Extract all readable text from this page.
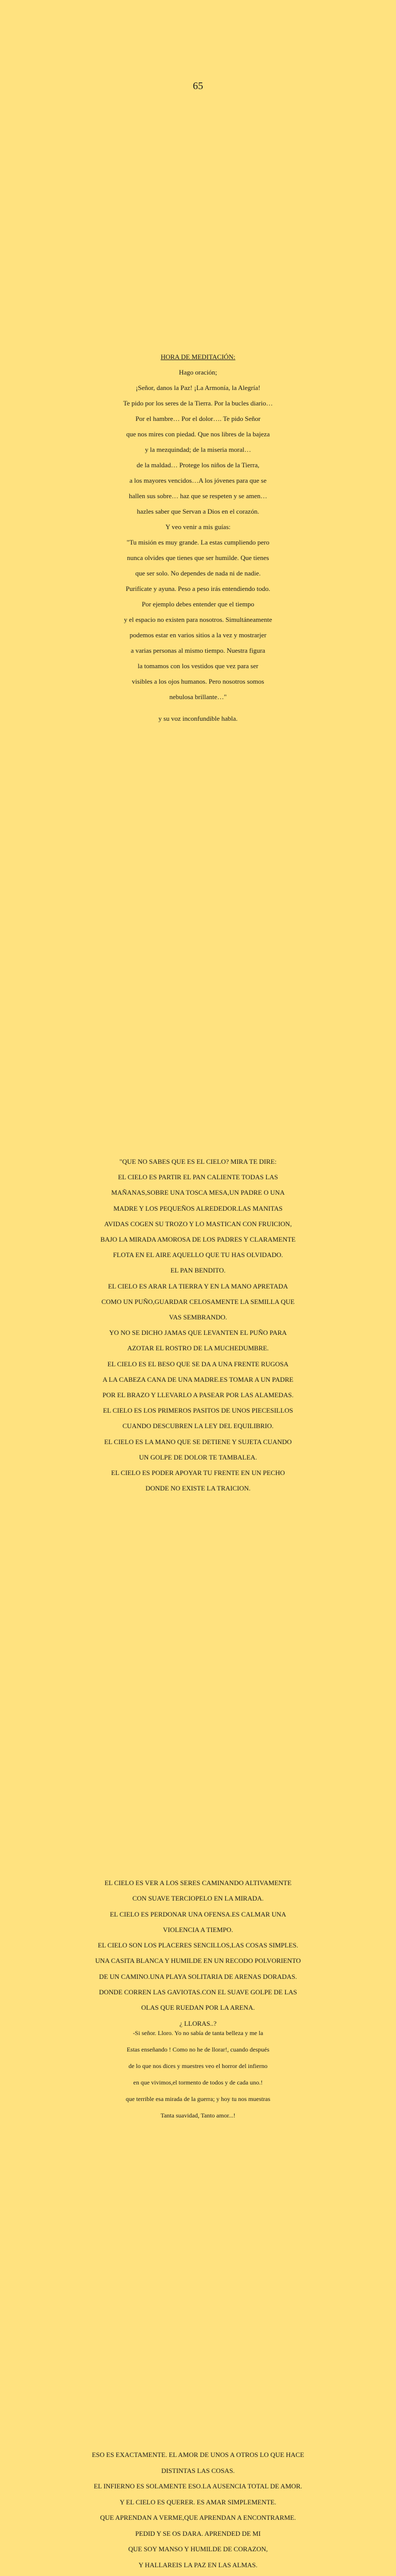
65

HORA DE MEDITACIÓN:

Hago oración;

¡Señor, danos la Paz! ¡La Armonía, la Alegría!

Te pido por los seres de la Tierra. Por la bucles diario…

Por el hambre… Por el dolor…. Te pido Señor

que nos mires con piedad. Que nos libres de la bajeza

y la mezquindad; de la miseria moral…

de la maldad… Protege los niños de la Tierra,

a los mayores vencidos…A los jóvenes para que se

hallen sus sobre… haz que se respeten y se amen…

hazles saber que Servan a Dios en el corazón.

Y veo venir a mis guías:

"Tu misión es muy grande. La estas cumpliendo pero

nunca olvides que tienes que ser humilde. Que tienes

que ser solo. No dependes de nada ni de nadie.

Purifícate y ayuna. Peso a peso irás entendiendo todo.

Por ejemplo debes entender que el tiempo

y el espacio no existen para nosotros. Simultáneamente

podemos estar en varios sitios a la vez y mostrarjer

a varias personas al mismo tiempo. Nuestra figura

la tomamos con los vestidos que vez para ser

visibles a los ojos humanos. Pero nosotros somos

nebulosa brillante…"

y su voz inconfundible habla.

"QUE NO SABES QUE ES EL CIELO? MIRA TE DIRE:

EL CIELO ES PARTIR EL PAN CALIENTE TODAS LAS

MAÑANAS,SOBRE UNA TOSCA MESA,UN PADRE O UNA

MADRE Y LOS PEQUEÑOS ALREDEDOR.LAS MANITAS

AVIDAS COGEN SU TROZO Y LO MASTICAN CON FRUICION,

BAJO LA MIRADA AMOROSA DE LOS PADRES Y CLARAMENTE

FLOTA EN EL AIRE AQUELLO QUE TU HAS OLVIDADO.

EL PAN BENDITO.

EL CIELO ES ARAR LA TIERRA Y EN LA MANO APRETADA

COMO UN PUÑO,GUARDAR CELOSAMENTE LA SEMILLA QUE

VAS SEMBRANDO.

YO NO SE DICHO JAMAS QUE LEVANTEN EL PUÑO PARA

AZOTAR EL ROSTRO DE LA MUCHEDUMBRE.

EL CIELO ES EL BESO QUE SE DA A UNA FRENTE RUGOSA

A LA CABEZA CANA DE UNA MADRE.ES TOMAR A UN PADRE

POR EL BRAZO Y LLEVARLO A PASEAR POR LAS ALAMEDAS.

EL CIELO ES LOS PRIMEROS PASITOS DE UNOS PIECESILLOS

CUANDO DESCUBREN LA LEY DEL EQUILIBRIO.

EL CIELO ES LA MANO QUE SE DETIENE Y SUJETA CUANDO

UN GOLPE DE DOLOR TE TAMBALEA.

EL CIELO ES PODER APOYAR TU FRENTE EN UN PECHO

DONDE NO EXISTE LA TRAICION.

EL CIELO ES VER A LOS SERES CAMINANDO ALTIVAMENTE

CON SUAVE TERCIOPELO EN LA MIRADA.

EL CIELO ES PERDONAR UNA OFENSA.ES CALMAR UNA

VIOLENCIA A TIEMPO.

EL CIELO SON LOS PLACERES SENCILLOS,LAS COSAS SIMPLES.

UNA CASITA BLANCA Y HUMILDE EN UN RECODO POLVORIENTO

DE UN CAMINO.UNA PLAYA SOLITARIA DE ARENAS DORADAS.

DONDE CORREN LAS GAVIOTAS.CON EL SUAVE GOLPE DE LAS

OLAS QUE RUEDAN POR LA ARENA.

¿ LLORAS..?

-Si señor. Lloro. Yo no sabía de tanta belleza y me la

Estas enseñando ! Como no he de llorar!, cuando después

de lo que nos dices y muestres veo el horror del infierno

en que vivimos,el tormento de todos y de cada uno.!

que terrible esa mirada de la guerra; y hoy tu nos muestras

Tanta suavidad, Tanto amor...!

ESO ES EXACTAMENTE. EL AMOR DE UNOS A OTROS LO QUE HACE

DISTINTAS LAS COSAS.

EL INFIERNO ES SOLAMENTE ESO.LA AUSENCIA TOTAL DE AMOR.

Y EL CIELO ES QUERER. ES AMAR SIMPLEMENTE.

QUE APRENDAN A VERME,QUE APRENDAN A ENCONTRARME.

PEDID Y SE OS DARA. APRENDED DE MI

QUE SOY MANSO Y HUMILDE DE CORAZON,

Y HALLAREIS LA PAZ EN LAS ALMAS.
